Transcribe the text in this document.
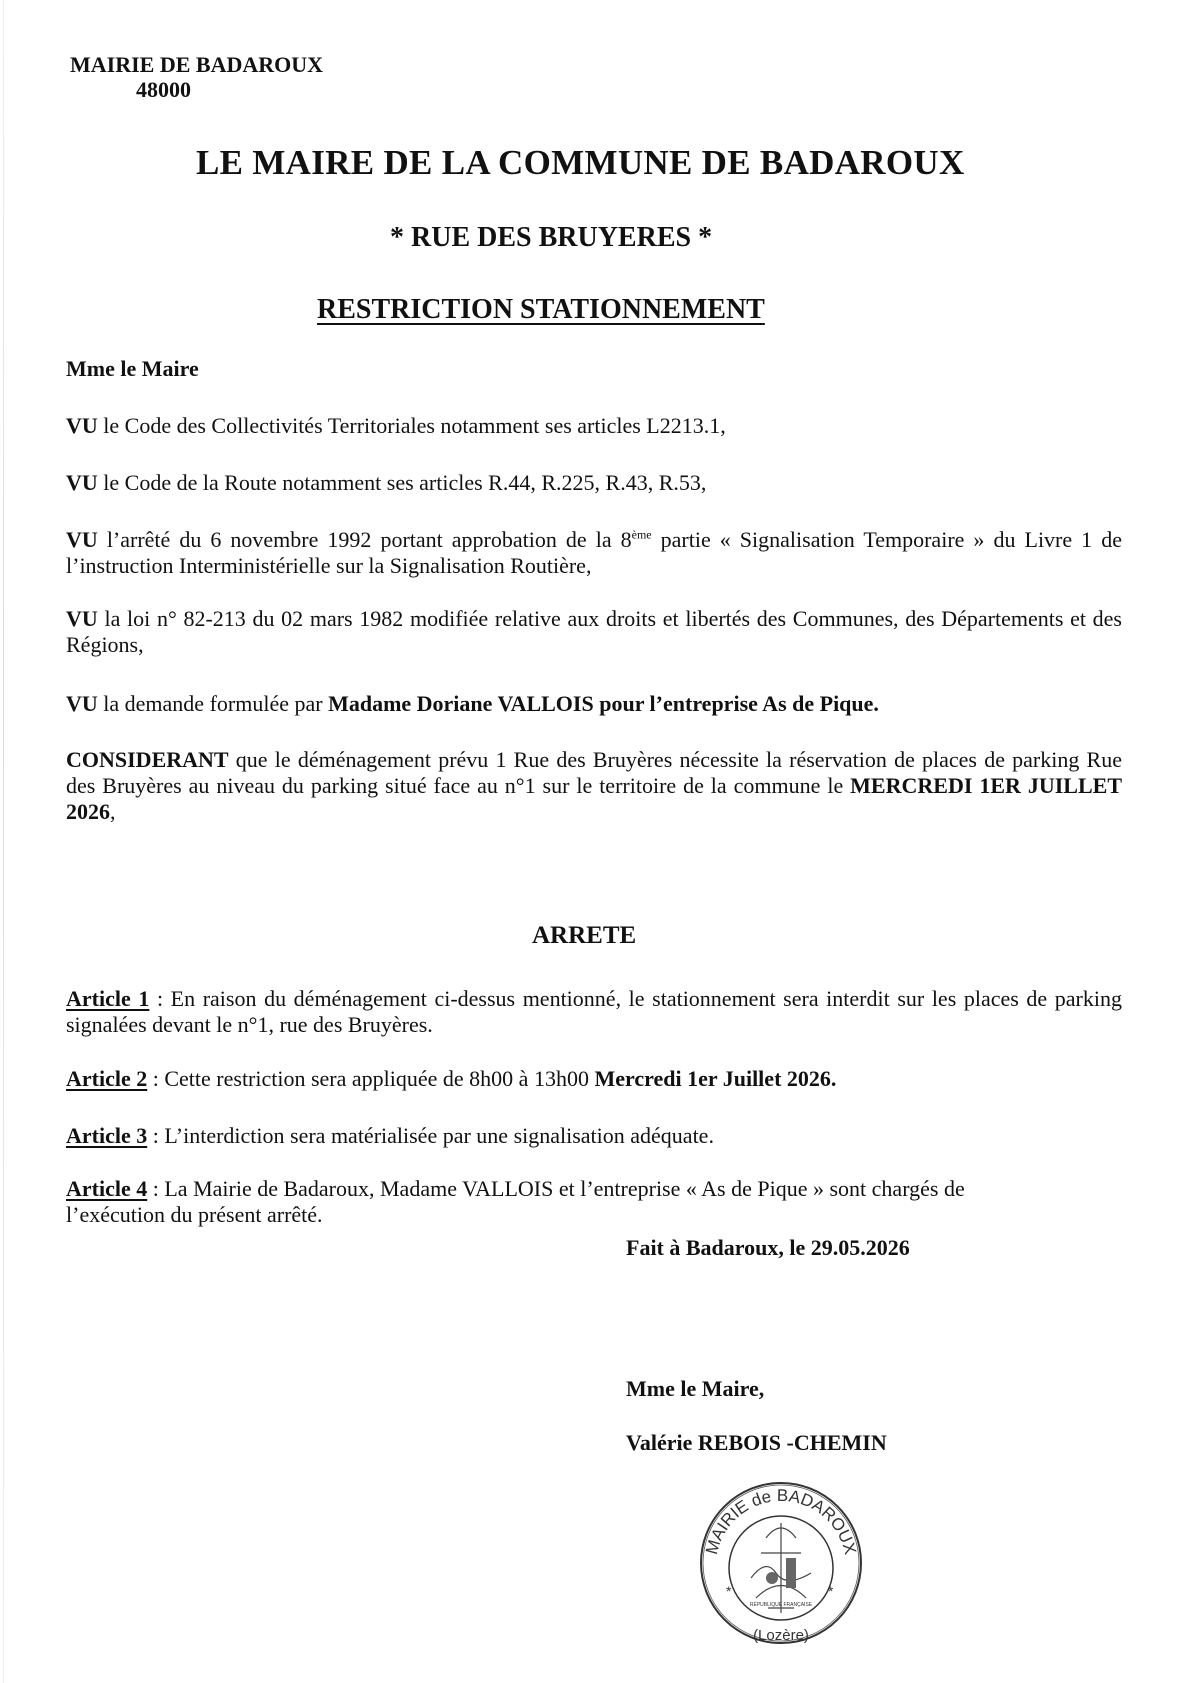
MAIRIE DE BADAROUX
48000
LE MAIRE DE LA COMMUNE DE BADAROUX
* RUE DES BRUYERES *
RESTRICTION STATIONNEMENT
Mme le Maire
VU le Code des Collectivités Territoriales notamment ses articles L2213.1,
VU le Code de la Route notamment ses articles R.44, R.225, R.43, R.53,
VU l’arrêté du 6 novembre 1992 portant approbation de la 8ème partie « Signalisation Temporaire » du Livre 1 de l’instruction Interministérielle sur la Signalisation Routière,
VU la loi n° 82-213 du 02 mars 1982 modifiée relative aux droits et libertés des Communes, des Départements et des Régions,
VU la demande formulée par Madame Doriane VALLOIS pour l’entreprise As de Pique.
CONSIDERANT que le déménagement prévu 1 Rue des Bruyères nécessite la réservation de places de parking Rue des Bruyères au niveau du parking situé face au n°1 sur le territoire de la commune le MERCREDI 1ER JUILLET 2026,
ARRETE
Article 1 : En raison du déménagement ci-dessus mentionné, le stationnement sera interdit sur les places de parking signalées devant le n°1, rue des Bruyères.
Article 2 : Cette restriction sera appliquée de 8h00 à 13h00 Mercredi 1er Juillet 2026.
Article 3 : L’interdiction sera matérialisée par une signalisation adéquate.
Article 4 : La Mairie de Badaroux, Madame VALLOIS et l’entreprise « As de Pique » sont chargés de l’exécution du présent arrêté.
Fait à Badaroux, le 29.05.2026
Mme le Maire,
Valérie REBOIS -CHEMIN
MAIRIE de BADAROUX
RÉPUBLIQUE FRANÇAISE
*	*
(Lozère)
